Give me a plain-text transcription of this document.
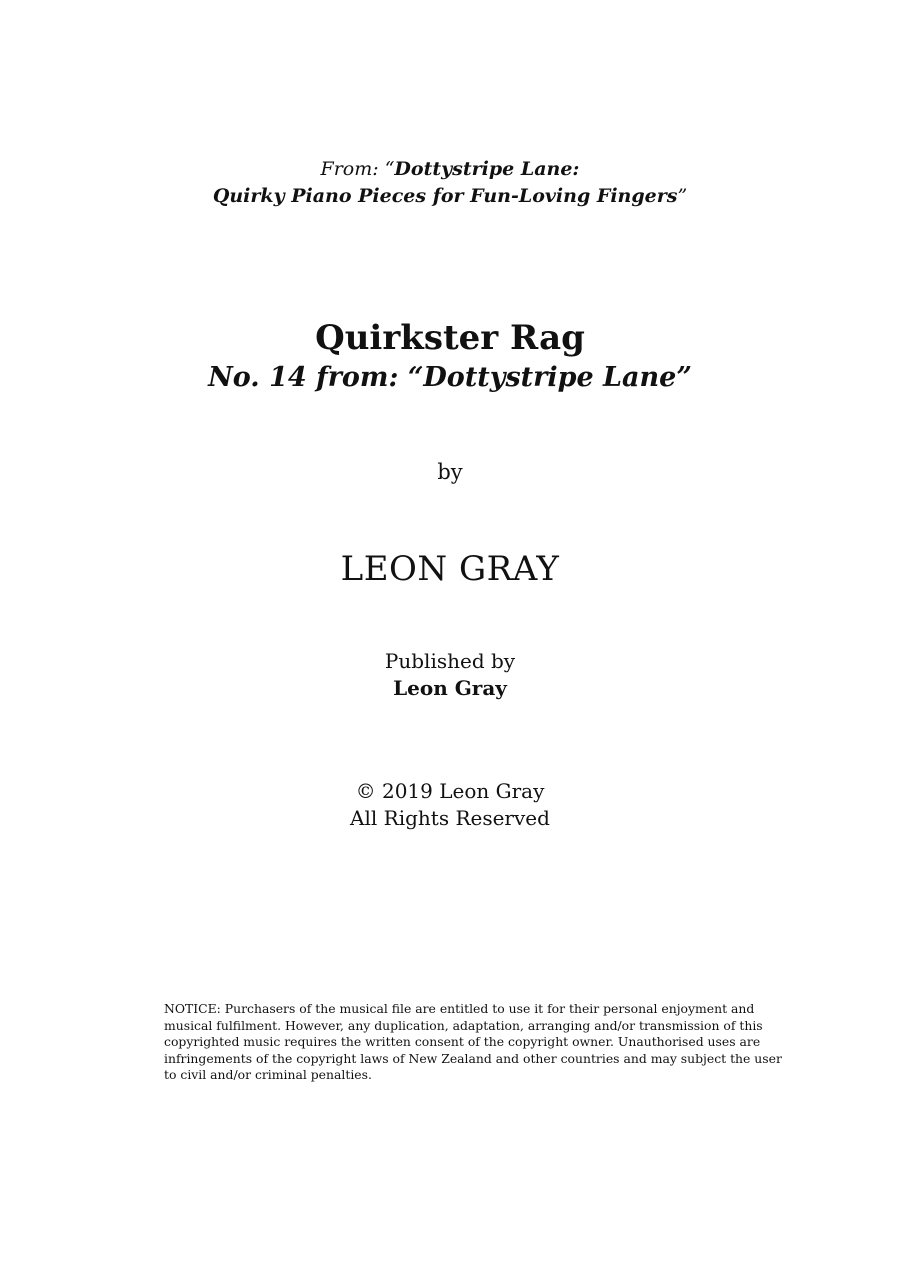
From: “Dottystripe Lane:
Quirky Piano Pieces for Fun-Loving Fingers”
Quirkster Rag
No. 14 from: “Dottystripe Lane”
by
LEON GRAY
Published by
Leon Gray
© 2019 Leon Gray
All Rights Reserved
NOTICE: Purchasers of the musical file are entitled to use it for their personal enjoyment and musical fulfilment. However, any duplication, adaptation, arranging and/or transmission of this copyrighted music requires the written consent of the copyright owner. Unauthorised uses are infringements of the copyright laws of New Zealand and other countries and may subject the user to civil and/or criminal penalties.
